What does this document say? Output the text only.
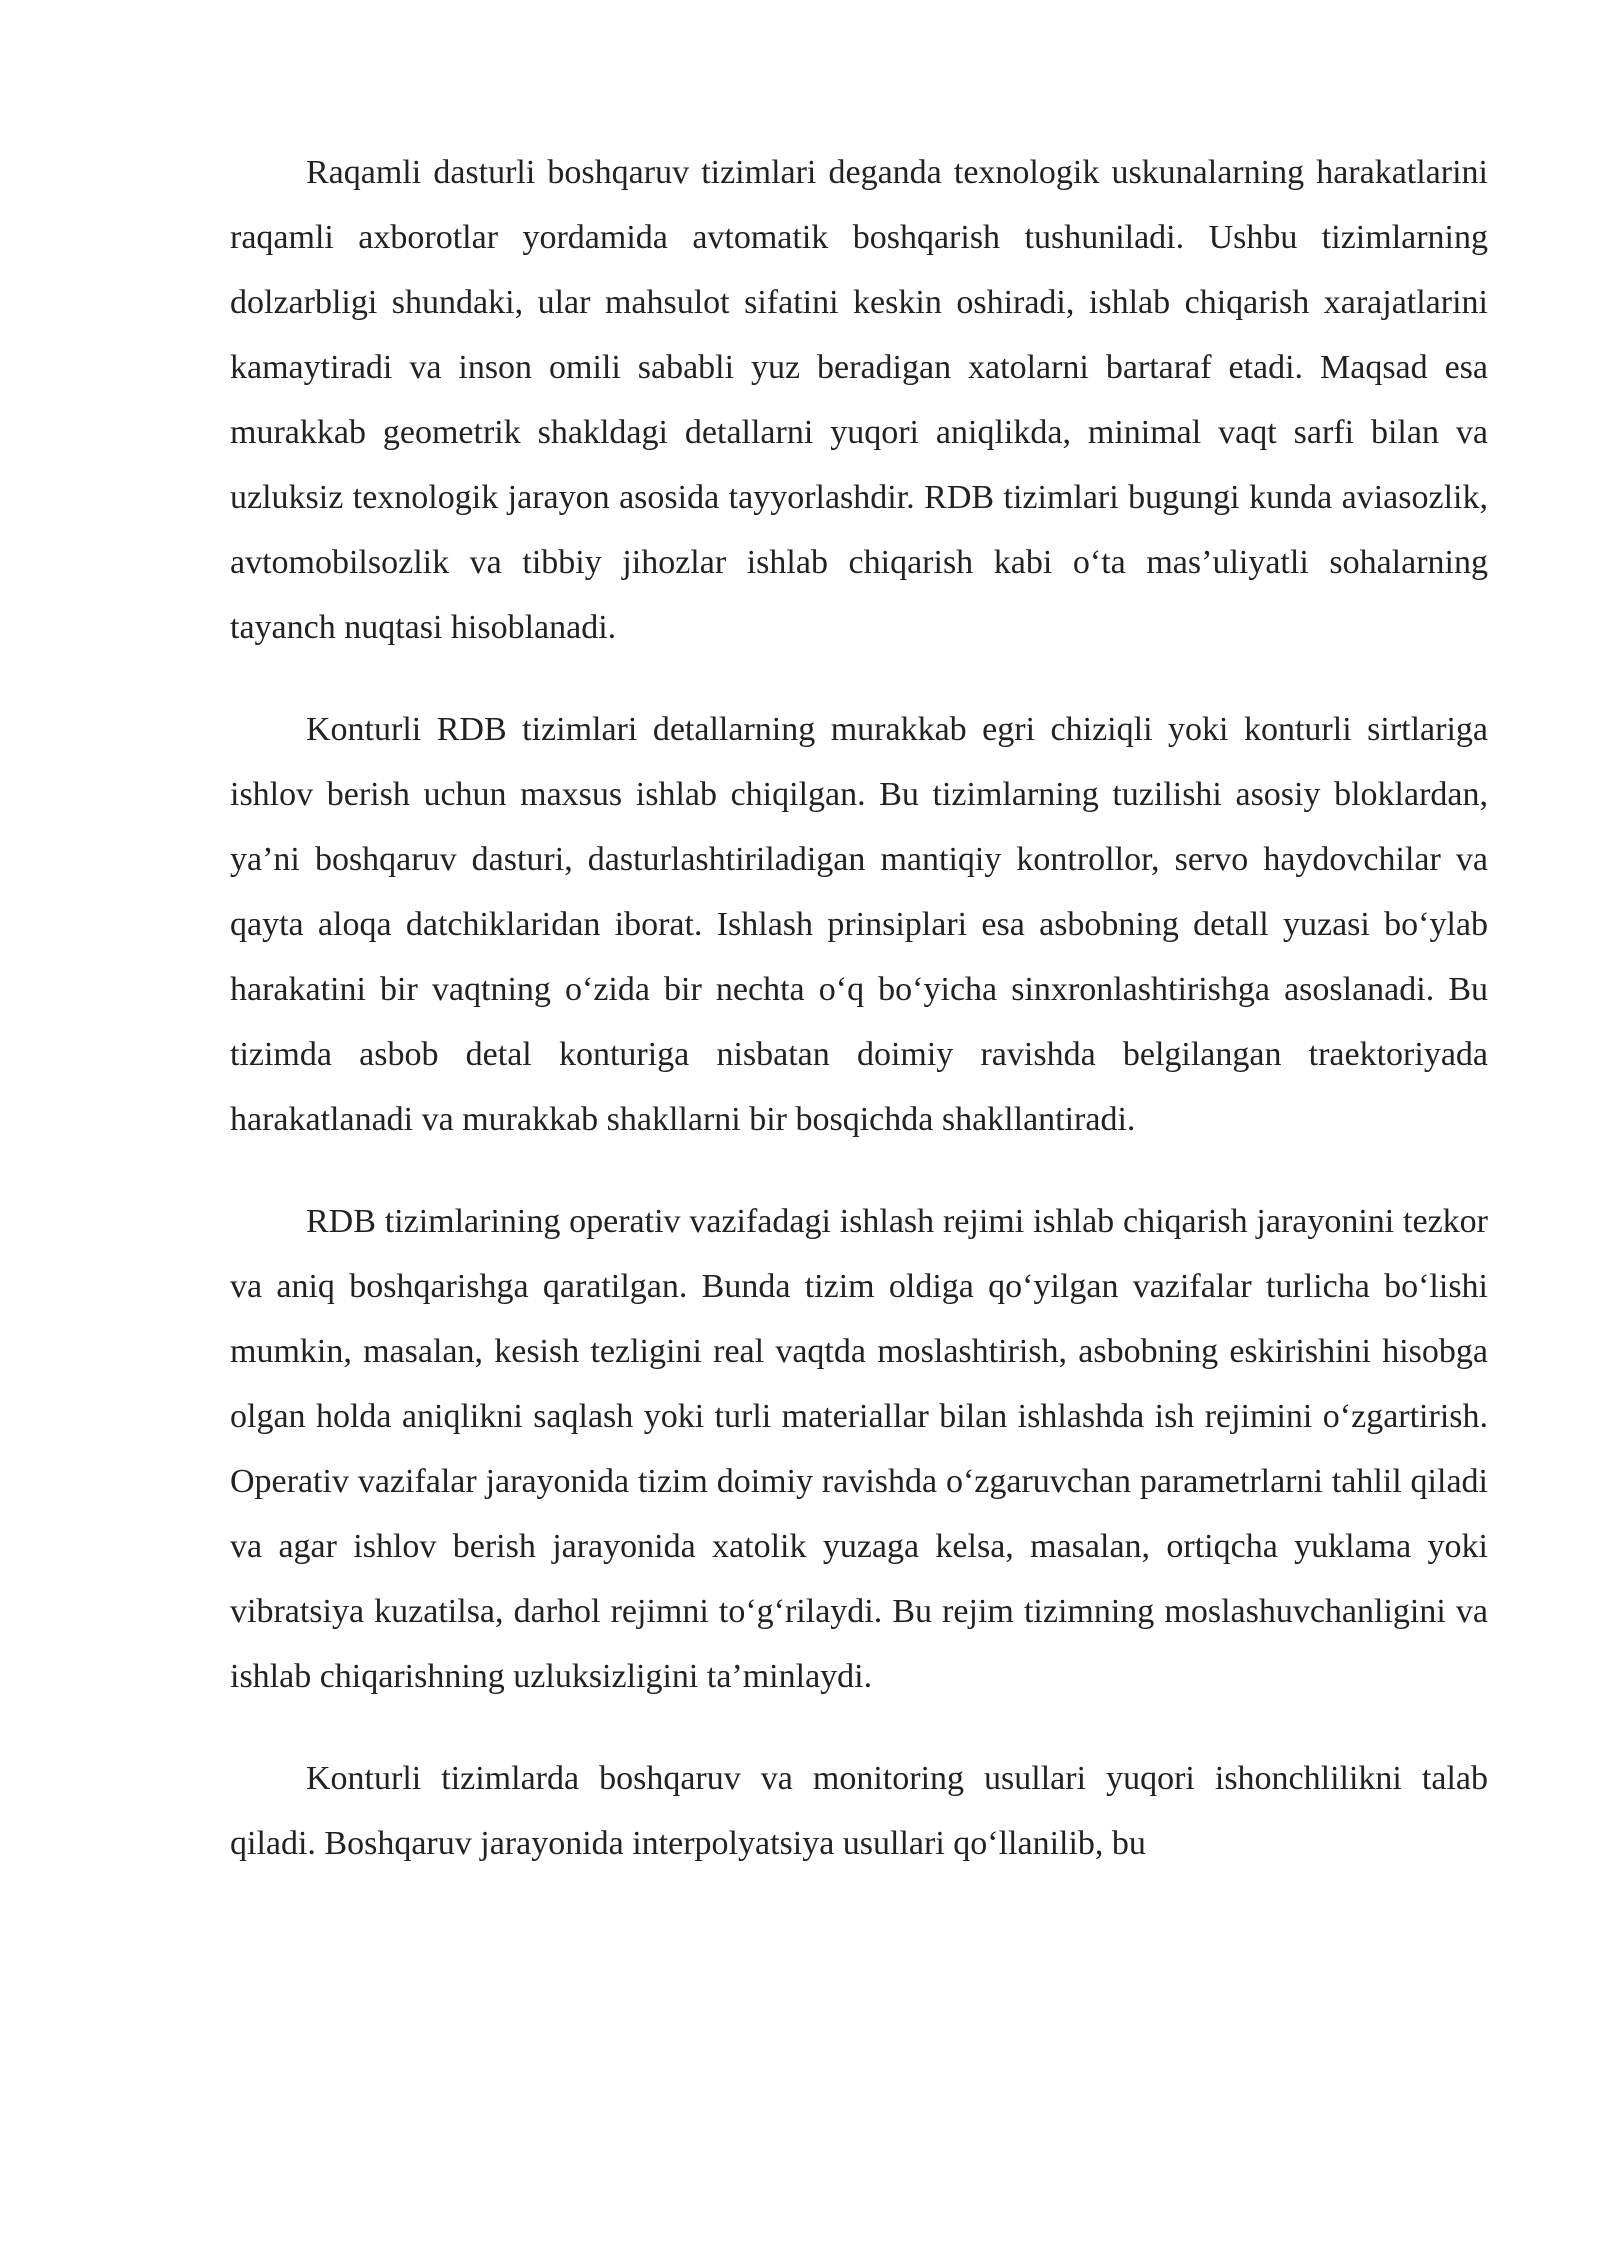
Raqamli dasturli boshqaruv tizimlari deganda texnologik uskunalarning harakatlarini raqamli axborotlar yordamida avtomatik boshqarish tushuniladi. Ushbu tizimlarning dolzarbligi shundaki, ular mahsulot sifatini keskin oshiradi, ishlab chiqarish xarajatlarini kamaytiradi va inson omili sababli yuz beradigan xatolarni bartaraf etadi. Maqsad esa murakkab geometrik shakldagi detallarni yuqori aniqlikda, minimal vaqt sarfi bilan va uzluksiz texnologik jarayon asosida tayyorlashdir. RDB tizimlari bugungi kunda aviasozlik, avtomobilsozlik va tibbiy jihozlar ishlab chiqarish kabi o‘ta mas’uliyatli sohalarning tayanch nuqtasi hisoblanadi.

Konturli RDB tizimlari detallarning murakkab egri chiziqli yoki konturli sirtlariga ishlov berish uchun maxsus ishlab chiqilgan. Bu tizimlarning tuzilishi asosiy bloklardan, ya’ni boshqaruv dasturi, dasturlashtiriladigan mantiqiy kontrollor, servo haydovchilar va qayta aloqa datchiklaridan iborat. Ishlash prinsiplari esa asbobning detall yuzasi bo‘ylab harakatini bir vaqtning o‘zida bir nechta o‘q bo‘yicha sinxronlashtirishga asoslanadi. Bu tizimda asbob detal konturiga nisbatan doimiy ravishda belgilangan traektoriyada harakatlanadi va murakkab shakllarni bir bosqichda shakllantiradi.

RDB tizimlarining operativ vazifadagi ishlash rejimi ishlab chiqarish jarayonini tezkor va aniq boshqarishga qaratilgan. Bunda tizim oldiga qo‘yilgan vazifalar turlicha bo‘lishi mumkin, masalan, kesish tezligini real vaqtda moslashtirish, asbobning eskirishini hisobga olgan holda aniqlikni saqlash yoki turli materiallar bilan ishlashda ish rejimini o‘zgartirish. Operativ vazifalar jarayonida tizim doimiy ravishda o‘zgaruvchan parametrlarni tahlil qiladi va agar ishlov berish jarayonida xatolik yuzaga kelsa, masalan, ortiqcha yuklama yoki vibratsiya kuzatilsa, darhol rejimni to‘g‘rilaydi. Bu rejim tizimning moslashuvchanligini va ishlab chiqarishning uzluksizligini ta’minlaydi.

Konturli tizimlarda boshqaruv va monitoring usullari yuqori ishonchlilikni talab qiladi. Boshqaruv jarayonida interpolyatsiya usullari qo‘llanilib, bu
